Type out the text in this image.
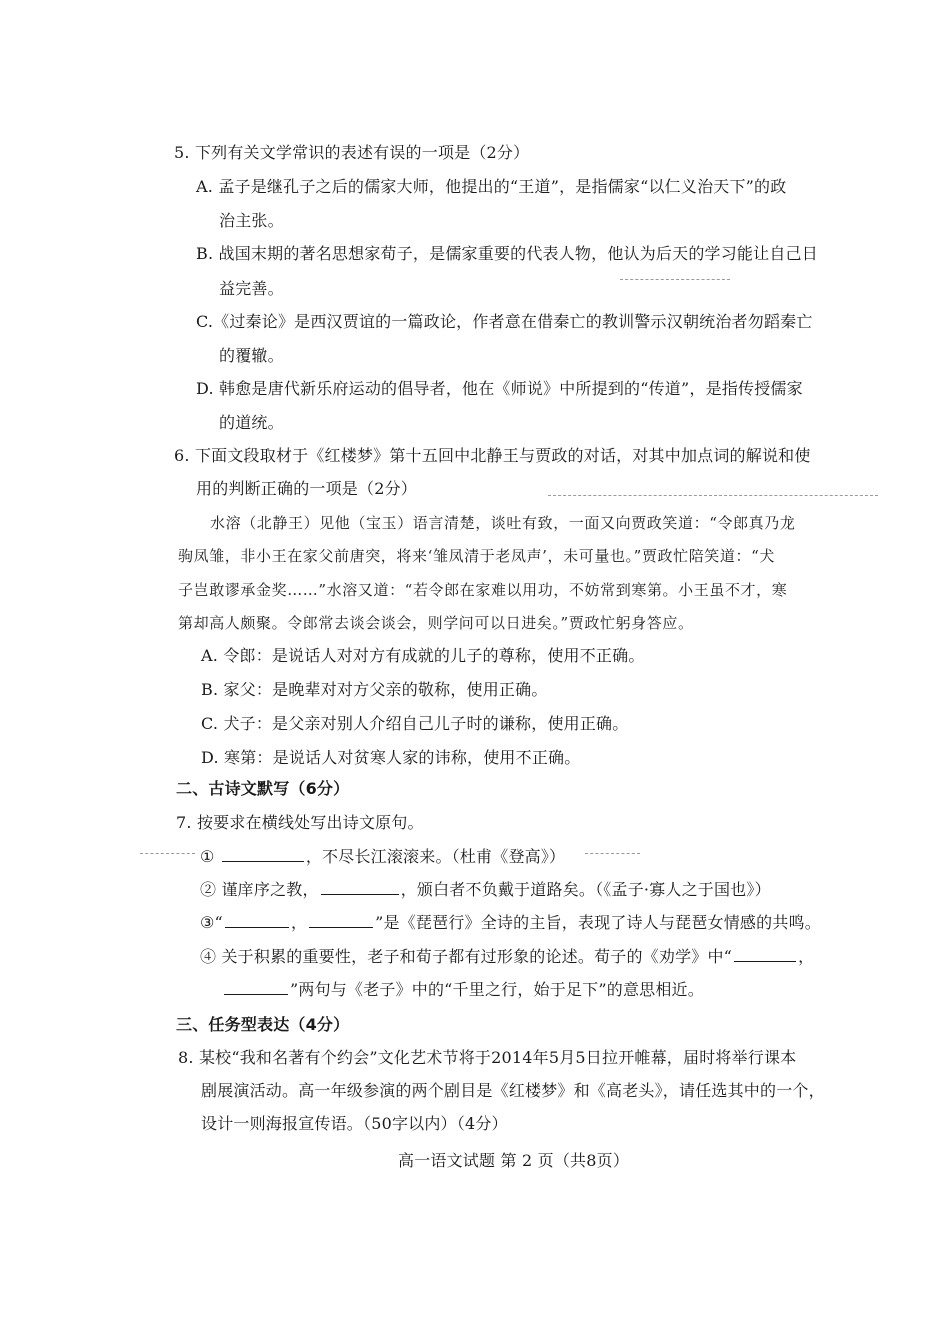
5. 下列有关文学常识的表述有误的一项是（2分）
A. 孟子是继孔子之后的儒家大师，他提出的“王道”，是指儒家“以仁义治天下”的政
治主张。
B. 战国末期的著名思想家荀子，是儒家重要的代表人物，他认为后天的学习能让自己日
益完善。
C.《过秦论》是西汉贾谊的一篇政论，作者意在借秦亡的教训警示汉朝统治者勿蹈秦亡
的覆辙。
D. 韩愈是唐代新乐府运动的倡导者，他在《师说》中所提到的“传道”，是指传授儒家
的道统。
6. 下面文段取材于《红楼梦》第十五回中北静王与贾政的对话，对其中加点词的解说和使
用的判断正确的一项是（2分）
水溶（北静王）见他（宝玉）语言清楚，谈吐有致，一面又向贾政笑道：“令郎真乃龙
驹凤雏，非小王在家父前唐突，将来‘雏凤清于老凤声’，未可量也。”贾政忙陪笑道：“犬
子岂敢谬承金奖……”水溶又道：“若令郎在家难以用功，不妨常到寒第。小王虽不才，寒
第却高人颇聚。令郎常去谈会谈会，则学问可以日进矣。”贾政忙躬身答应。
A. 令郎：是说话人对对方有成就的儿子的尊称，使用不正确。
B. 家父：是晚辈对对方父亲的敬称，使用正确。
C. 犬子：是父亲对别人介绍自己儿子时的谦称，使用正确。
D. 寒第：是说话人对贫寒人家的讳称，使用不正确。
二、古诗文默写（6分）
7. 按要求在横线处写出诗文原句。
①	，不尽长江滚滚来。（杜甫《登高》）
② 谨庠序之教，	，颁白者不负戴于道路矣。（《孟子·寡人之于国也》）
③“	，	”是《琵琶行》全诗的主旨，表现了诗人与琵琶女情感的共鸣。
④ 关于积累的重要性，老子和荀子都有过形象的论述。荀子的《劝学》中“	，
”两句与《老子》中的“千里之行，始于足下”的意思相近。
三、任务型表达（4分）
8. 某校“我和名著有个约会”文化艺术节将于2014年5月5日拉开帷幕，届时将举行课本
剧展演活动。高一年级参演的两个剧目是《红楼梦》和《高老头》，请任选其中的一个，
设计一则海报宣传语。（50字以内）（4分）
高一语文试题 第 2 页（共8页）
